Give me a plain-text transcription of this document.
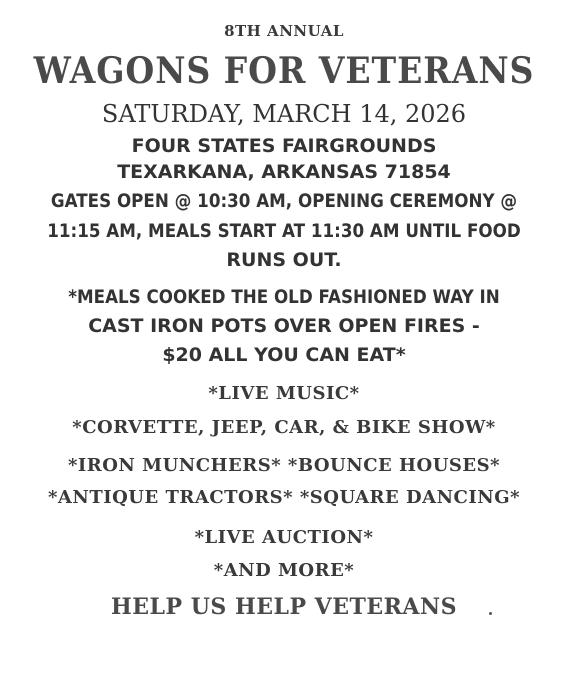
8TH ANNUAL
WAGONS FOR VETERANS
SATURDAY, MARCH 14, 2026
FOUR STATES FAIRGROUNDS
TEXARKANA, ARKANSAS 71854
GATES OPEN @ 10:30 AM, OPENING CEREMONY @
11:15 AM, MEALS START AT 11:30 AM UNTIL FOOD
RUNS OUT.
*MEALS COOKED THE OLD FASHIONED WAY IN
CAST IRON POTS OVER OPEN FIRES -
$20 ALL YOU CAN EAT*
*LIVE MUSIC*
*CORVETTE, JEEP, CAR, & BIKE SHOW*
*IRON MUNCHERS* *BOUNCE HOUSES*
*ANTIQUE TRACTORS* *SQUARE DANCING*
*LIVE AUCTION*
*AND MORE*
HELP US HELP VETERANS
